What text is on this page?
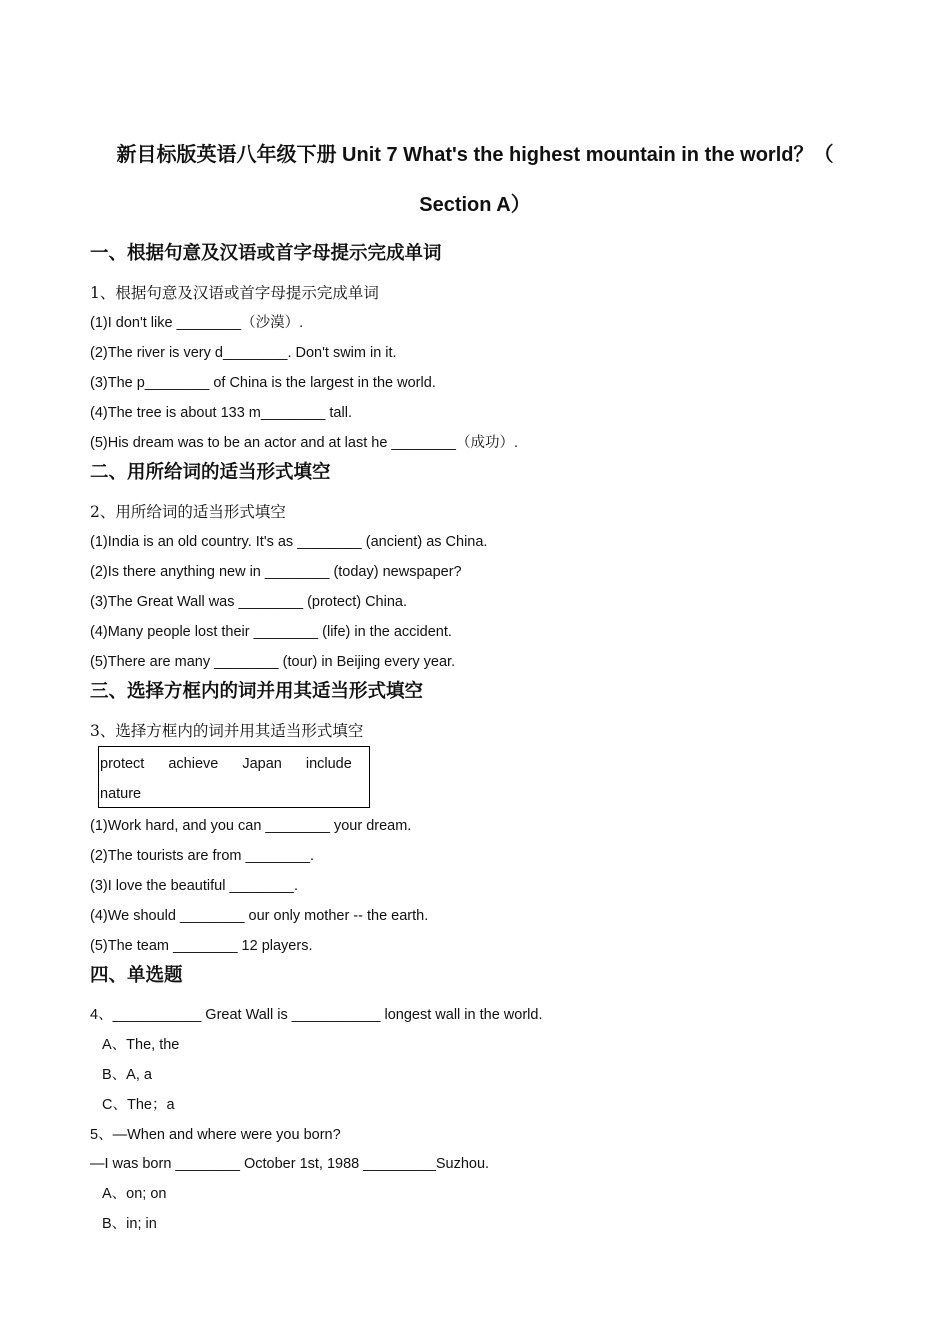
新目标版英语八年级下册 Unit 7 What's the highest mountain in the world？（
Section A）
一、根据句意及汉语或首字母提示完成单词
1、根据句意及汉语或首字母提示完成单词
(1)I don't like ________（沙漠）.
(2)The river is very d________. Don't swim in it.
(3)The p________ of China is the largest in the world.
(4)The tree is about 133 m________ tall.
(5)His dream was to be an actor and at last he ________（成功）.
二、用所给词的适当形式填空
2、用所给词的适当形式填空
(1)India is an old country. It's as ________ (ancient) as China.
(2)Is there anything new in ________ (today) newspaper?
(3)The Great Wall was ________ (protect) China.
(4)Many people lost their ________ (life) in the accident.
(5)There are many ________ (tour) in Beijing every year.
三、选择方框内的词并用其适当形式填空
3、选择方框内的词并用其适当形式填空
protect achieve Japan include
nature
(1)Work hard, and you can ________ your dream.
(2)The tourists are from ________.
(3)I love the beautiful ________.
(4)We should ________ our only mother -- the earth.
(5)The team ________ 12 players.
四、单选题
4、___________ Great Wall is ___________ longest wall in the world.
A、The, the
B、A, a
C、The；a
5、—When and where were you born?
—I was born ________ October 1st, 1988 _________Suzhou.
A、on; on
B、in; in
